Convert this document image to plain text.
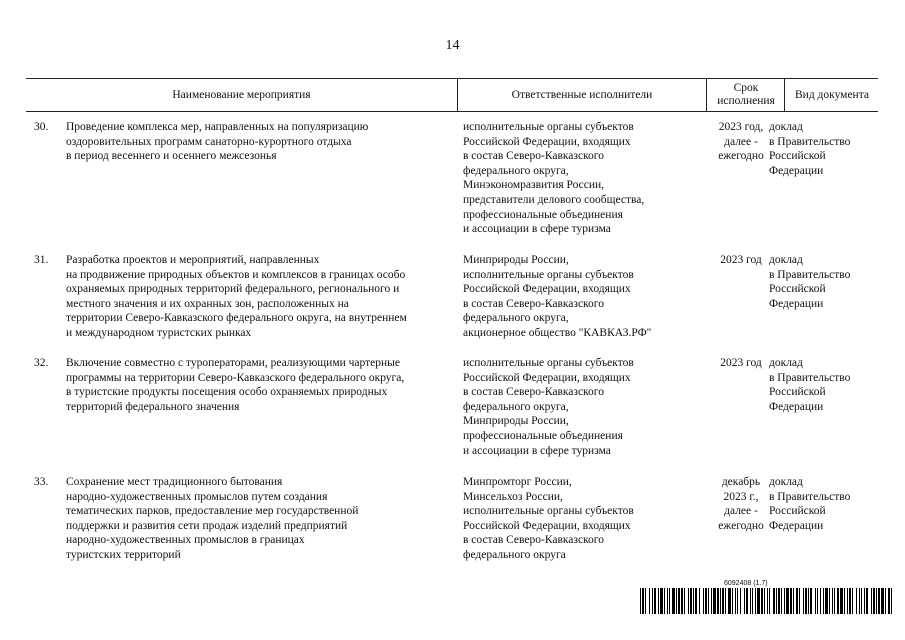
14
Наименование мероприятия	Ответственные исполнители
Срок
исполнения
Вид документа
30. Проведение комплекса мер, направленных на популяризацию
оздоровительных программ санаторно-курортного отдыха
в период весеннего и осеннего межсезонья
исполнительные органы субъектов
Российской Федерации, входящих
в состав Северо-Кавказского
федерального округа,
Минэкономразвития России,
представители делового сообщества,
профессиональные объединения
и ассоциации в сфере туризма
2023 год,
далее -
ежегодно
доклад
в Правительство
Российской
Федерации
31. Разработка проектов и мероприятий, направленных
на продвижение природных объектов и комплексов в границах особо
охраняемых природных территорий федерального, регионального и
местного значения и их охранных зон, расположенных на
территории Северо-Кавказского федерального округа, на внутреннем
и международном туристских рынках
Минприроды России,
исполнительные органы субъектов
Российской Федерации, входящих
в состав Северо-Кавказского
федерального округа,
акционерное общество "КАВКАЗ.РФ"
2023 год доклад
в Правительство
Российской
Федерации
32. Включение совместно с туроператорами, реализующими чартерные
программы на территории Северо-Кавказского федерального округа,
в туристские продукты посещения особо охраняемых природных
территорий федерального значения
исполнительные органы субъектов
Российской Федерации, входящих
в состав Северо-Кавказского
федерального округа,
Минприроды России,
профессиональные объединения
и ассоциации в сфере туризма
2023 год доклад
в Правительство
Российской
Федерации
33. Сохранение мест традиционного бытования
народно-художественных промыслов путем создания
тематических парков, предоставление мер государственной
поддержки и развития сети продаж изделий предприятий
народно-художественных промыслов в границах
туристских территорий
Минпромторг России,
Минсельхоз России,
исполнительные органы субъектов
Российской Федерации, входящих
в состав Северо-Кавказского
федерального округа
декабрь
2023 г.,
далее -
ежегодно
доклад
в Правительство
Российской
Федерации
6092408 (1.7)
